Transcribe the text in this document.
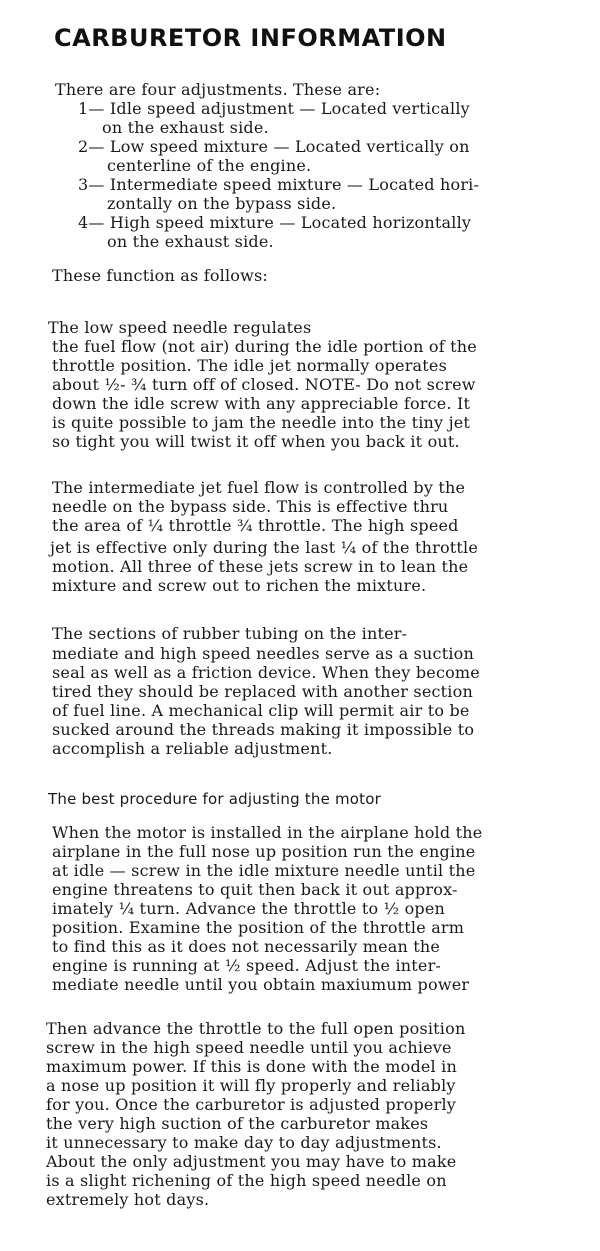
CARBURETOR INFORMATION
There are four adjustments. These are:
1— Idle speed adjustment — Located vertically
on the exhaust side.
2— Low speed mixture — Located vertically on
centerline of the engine.
3— Intermediate speed mixture — Located hori-
zontally on the bypass side.
4— High speed mixture — Located horizontally
on the exhaust side.
These function as follows:
The low speed needle regulates
the fuel flow (not air) during the idle portion of the
throttle position. The idle jet normally operates
about ½- ¾ turn off of closed. NOTE- Do not screw
down the idle screw with any appreciable force. It
is quite possible to jam the needle into the tiny jet
so tight you will twist it off when you back it out.
The intermediate jet fuel flow is controlled by the
needle on the bypass side. This is effective thru
the area of ¼ throttle ¾ throttle. The high speed
jet is effective only during the last ¼ of the throttle
motion. All three of these jets screw in to lean the
mixture and screw out to richen the mixture.
The sections of rubber tubing on the inter-
mediate and high speed needles serve as a suction
seal as well as a friction device. When they become
tired they should be replaced with another section
of fuel line. A mechanical clip will permit air to be
sucked around the threads making it impossible to
accomplish a reliable adjustment.
The best procedure for adjusting the motor
When the motor is installed in the airplane hold the
airplane in the full nose up position run the engine
at idle — screw in the idle mixture needle until the
engine threatens to quit then back it out approx-
imately ¼ turn. Advance the throttle to ½ open
position. Examine the position of the throttle arm
to find this as it does not necessarily mean the
engine is running at ½ speed. Adjust the inter-
mediate needle until you obtain maxiumum power
Then advance the throttle to the full open position
screw in the high speed needle until you achieve
maximum power. If this is done with the model in
a nose up position it will fly properly and reliably
for you. Once the carburetor is adjusted properly
the very high suction of the carburetor makes
it unnecessary to make day to day adjustments.
About the only adjustment you may have to make
is a slight richening of the high speed needle on
extremely hot days.
